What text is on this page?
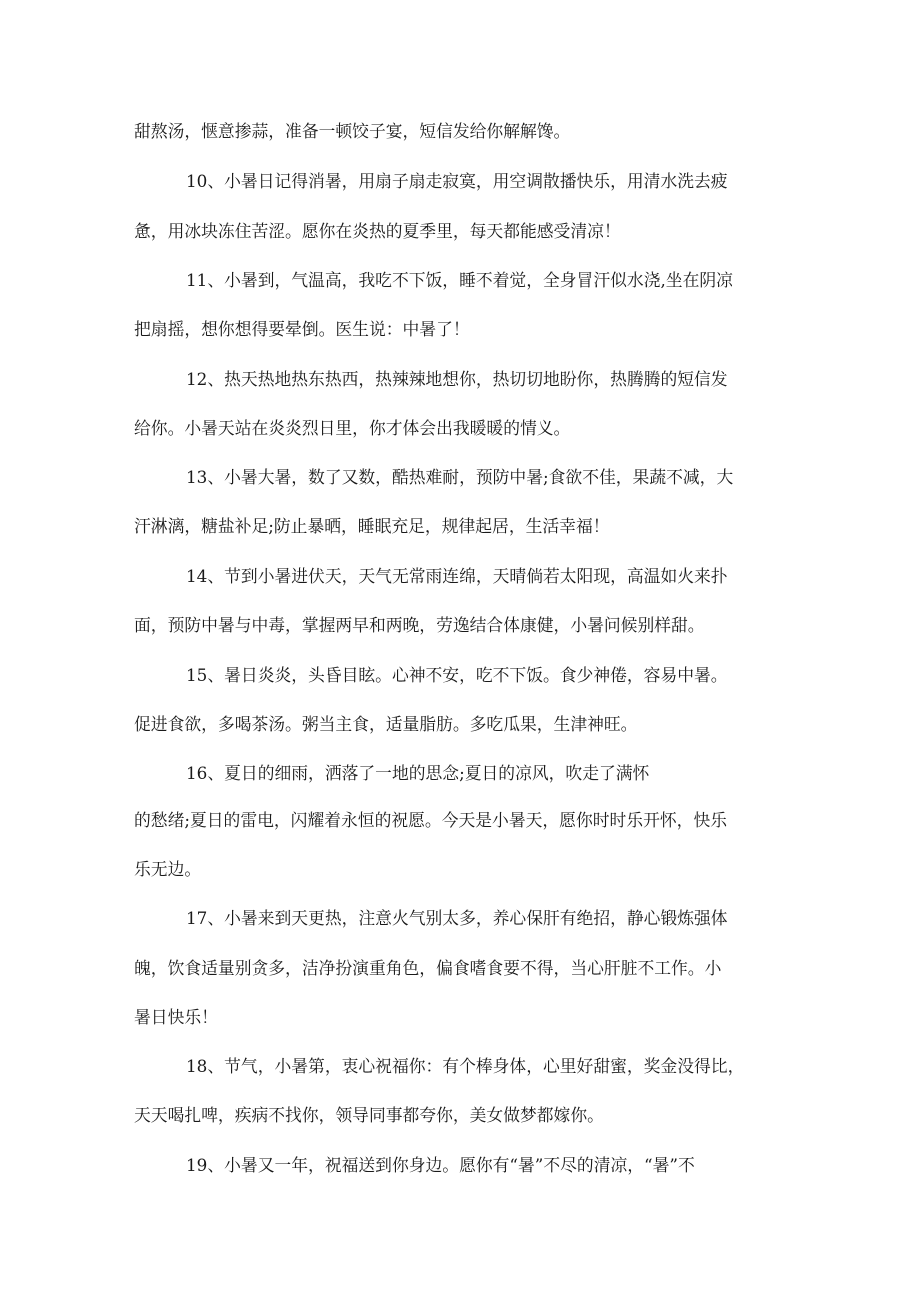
甜熬汤，惬意掺蒜，准备一顿饺子宴，短信发给你解解馋。
10、小暑日记得消暑，用扇子扇走寂寞，用空调散播快乐，用清水洗去疲
惫，用冰块冻住苦涩。愿你在炎热的夏季里，每天都能感受清凉！
11、小暑到，气温高，我吃不下饭，睡不着觉，全身冒汗似水浇,坐在阴凉
把扇摇，想你想得要晕倒。医生说：中暑了！
12、热天热地热东热西，热辣辣地想你，热切切地盼你，热腾腾的短信发
给你。小暑天站在炎炎烈日里，你才体会出我暖暖的情义。
13、小暑大暑，数了又数，酷热难耐，预防中暑;食欲不佳，果蔬不减，大
汗淋漓，糖盐补足;防止暴晒，睡眠充足，规律起居，生活幸福！
14、节到小暑进伏天，天气无常雨连绵，天晴倘若太阳现，高温如火来扑
面，预防中暑与中毒，掌握两早和两晚，劳逸结合体康健，小暑问候别样甜。
15、暑日炎炎，头昏目眩。心神不安，吃不下饭。食少神倦，容易中暑。
促进食欲，多喝茶汤。粥当主食，适量脂肪。多吃瓜果，生津神旺。
16、夏日的细雨，洒落了一地的思念;夏日的凉风，吹走了满怀
的愁绪;夏日的雷电，闪耀着永恒的祝愿。今天是小暑天，愿你时时乐开怀，快乐
乐无边。
17、小暑来到天更热，注意火气别太多，养心保肝有绝招，静心锻炼强体
魄，饮食适量别贪多，洁净扮演重角色，偏食嗜食要不得，当心肝脏不工作。小
暑日快乐！
18、节气，小暑第，衷心祝福你：有个棒身体，心里好甜蜜，奖金没得比，
天天喝扎啤，疾病不找你，领导同事都夸你，美女做梦都嫁你。
19、小暑又一年，祝福送到你身边。愿你有“暑”不尽的清凉，“暑”不
